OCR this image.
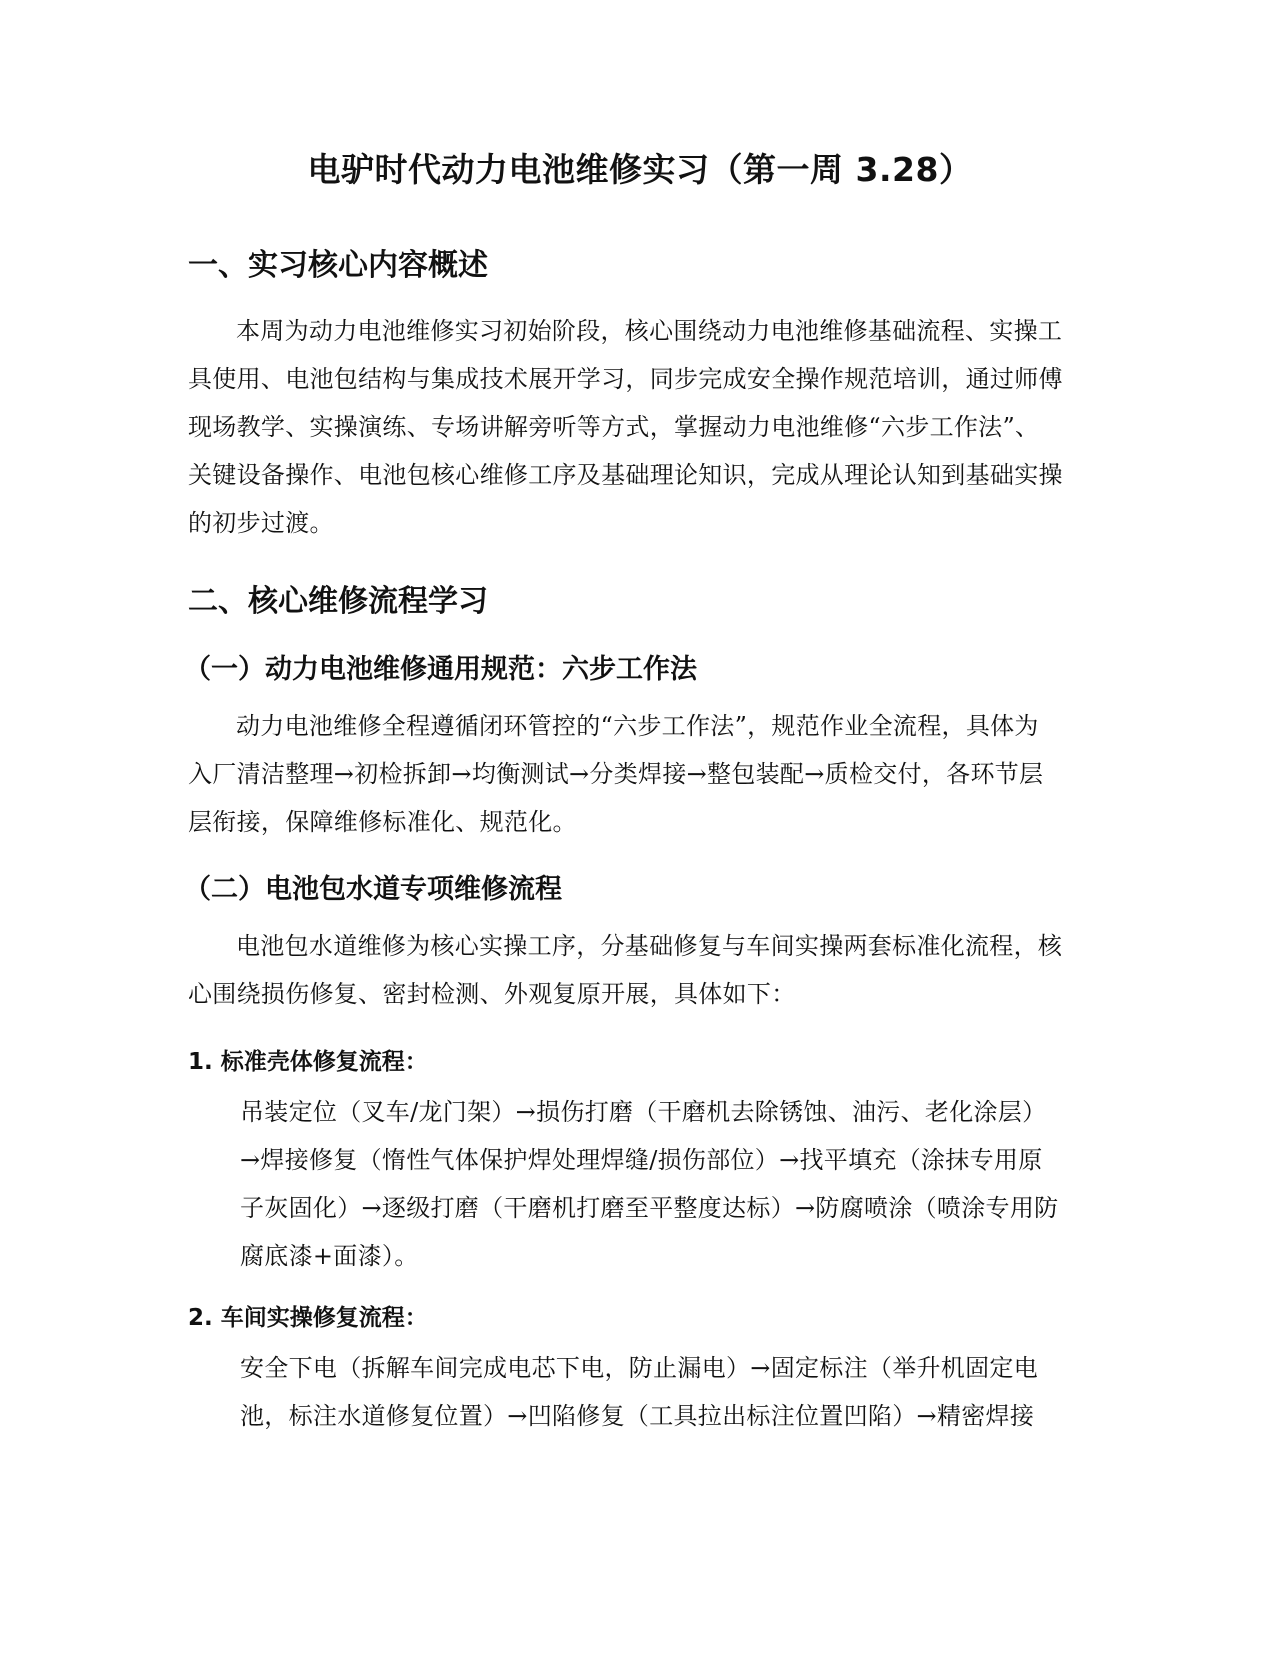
电驴时代动力电池维修实习（第一周 3.28）
一、实习核心内容概述
本周为动力电池维修实习初始阶段，核心围绕动力电池维修基础流程、实操工
具使用、电池包结构与集成技术展开学习，同步完成安全操作规范培训，通过师傅
现场教学、实操演练、专场讲解旁听等方式，掌握动力电池维修“六步工作法”、
关键设备操作、电池包核心维修工序及基础理论知识，完成从理论认知到基础实操
的初步过渡。
二、核心维修流程学习
（一）动力电池维修通用规范：六步工作法
动力电池维修全程遵循闭环管控的“六步工作法”，规范作业全流程，具体为
入厂清洁整理→初检拆卸→均衡测试→分类焊接→整包装配→质检交付，各环节层
层衔接，保障维修标准化、规范化。
（二）电池包水道专项维修流程
电池包水道维修为核心实操工序，分基础修复与车间实操两套标准化流程，核
心围绕损伤修复、密封检测、外观复原开展，具体如下：
1. 标准壳体修复流程：
吊装定位（叉车/龙门架）→损伤打磨（干磨机去除锈蚀、油污、老化涂层）
→焊接修复（惰性气体保护焊处理焊缝/损伤部位）→找平填充（涂抹专用原
子灰固化）→逐级打磨（干磨机打磨至平整度达标）→防腐喷涂（喷涂专用防
腐底漆+面漆）。
2. 车间实操修复流程：
安全下电（拆解车间完成电芯下电，防止漏电）→固定标注（举升机固定电
池，标注水道修复位置）→凹陷修复（工具拉出标注位置凹陷）→精密焊接
